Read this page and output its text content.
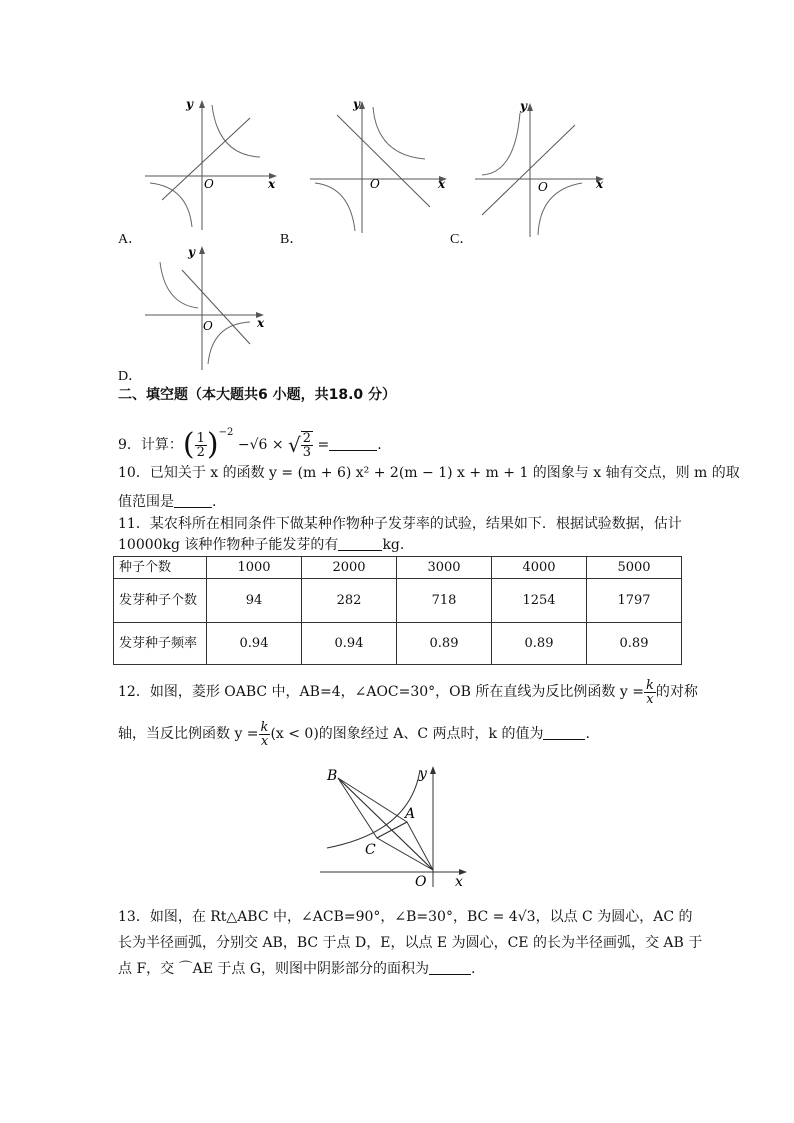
y
x
O
A．
y
x
O
B．
y
x
O
C．
y
x
O
D．
二、填空题（本大题共6 小题，共18.0 分）
9．计算：( $\frac{1}{2} )^{-2} -√6$ × √ $\frac{2}{3}$ =	.
10．已知关于 x 的函数 y = (m + 6) x² + 2(m − 1) x + m + 1 的图象与 x 轴有交点，则 m 的取
值范围是	.
11．某农科所在相同条件下做某种作物种子发芽率的试验，结果如下．根据试验数据，估计
10000kg 该种作物种子能发芽的有	kg.
种子个数	1000	2000	3000	4000	5000
发芽种子个数	94	282	718	1254	1797
发芽种子频率	0.94	0.94	0.89	0.89	0.89
12．如图，菱形 OABC 中，AB=4，∠AOC=30°，OB 所在直线为反比例函数 $y = \frac{k}{x}$ 的对称
轴，当反比例函数 $y = \frac{k}{x} (x < 0)$的图象经过 A、C 两点时，k 的值为	.
B
A
C
O x
y
13．如图，在 Rt△ABC 中，∠ACB=90°，∠B=30°，BC = 4√3，以点 C 为圆心，AC 的
长为半径画弧，分别交 AB，BC 于点 D，E，以点 E 为圆心，CE 的长为半径画弧，交 AB 于
点 F，交 ⌒AE 于点 G，则图中阴影部分的面积为	.
